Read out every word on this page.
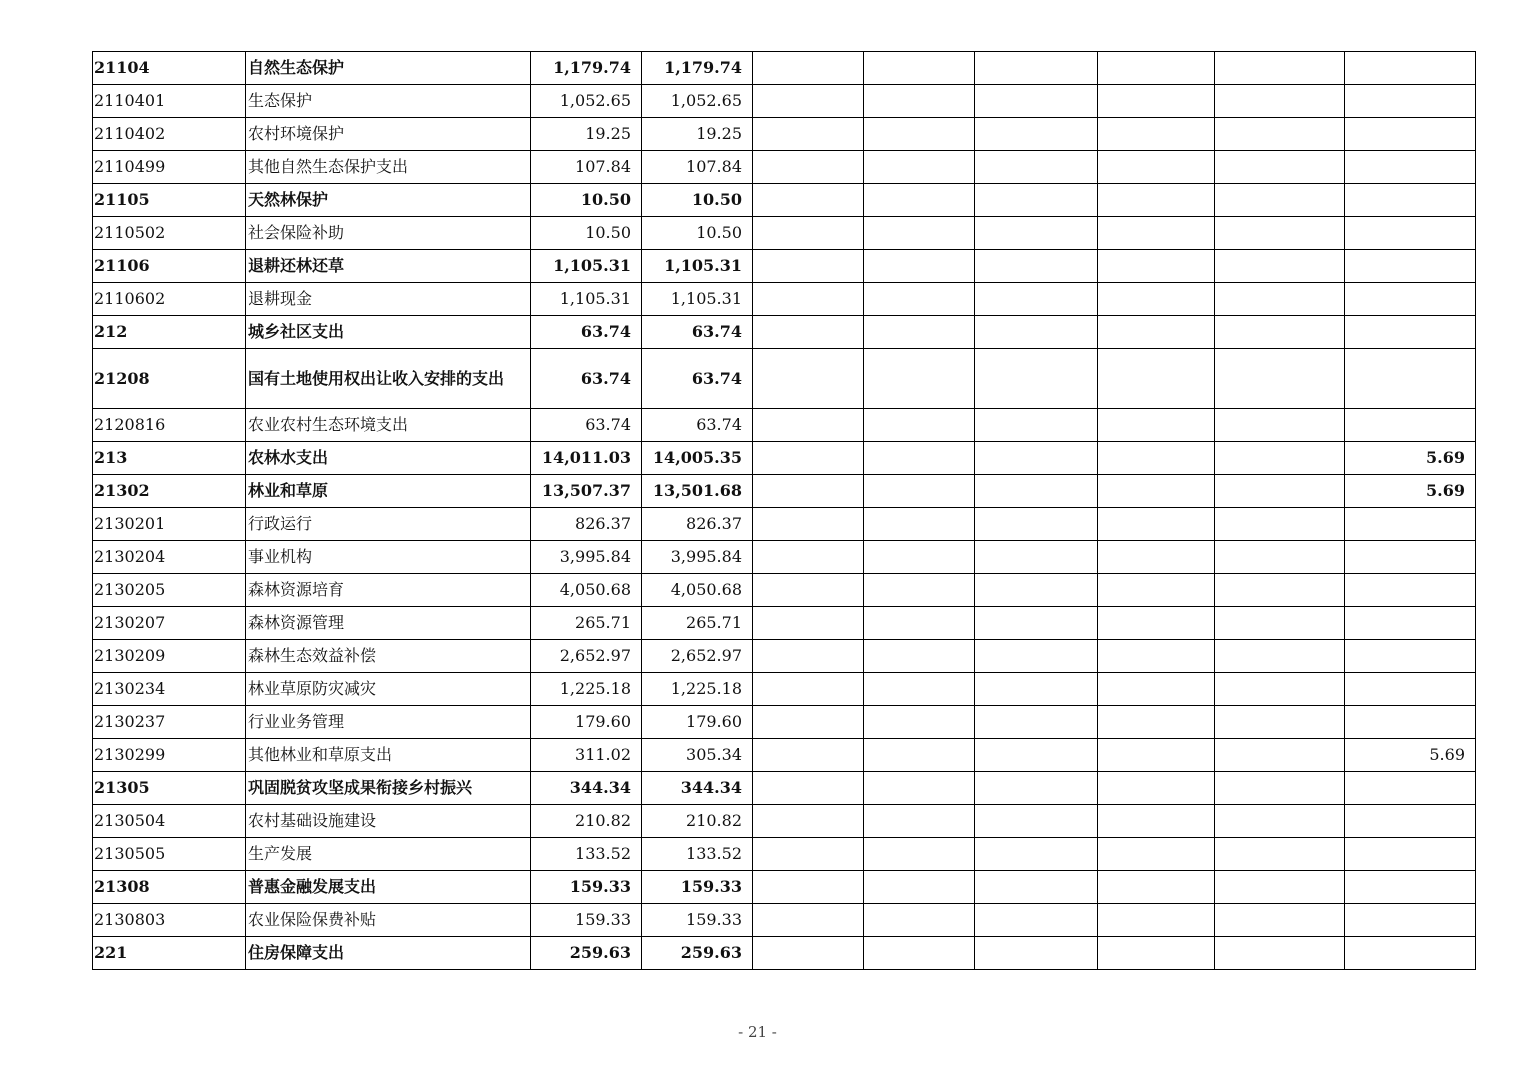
21104	自然生态保护	1,179.74	1,179.74						
2110401	生态保护	1,052.65	1,052.65						
2110402	农村环境保护	19.25	19.25						
2110499	其他自然生态保护支出	107.84	107.84						
21105	天然林保护	10.50	10.50						
2110502	社会保险补助	10.50	10.50						
21106	退耕还林还草	1,105.31	1,105.31						
2110602	退耕现金	1,105.31	1,105.31						
212	城乡社区支出	63.74	63.74						
21208	国有土地使用权出让收入安排的支出	63.74	63.74						
2120816	农业农村生态环境支出	63.74	63.74						
213	农林水支出	14,011.03	14,005.35						5.69
21302	林业和草原	13,507.37	13,501.68						5.69
2130201	行政运行	826.37	826.37						
2130204	事业机构	3,995.84	3,995.84						
2130205	森林资源培育	4,050.68	4,050.68						
2130207	森林资源管理	265.71	265.71						
2130209	森林生态效益补偿	2,652.97	2,652.97						
2130234	林业草原防灾减灾	1,225.18	1,225.18						
2130237	行业业务管理	179.60	179.60						
2130299	其他林业和草原支出	311.02	305.34						5.69
21305	巩固脱贫攻坚成果衔接乡村振兴	344.34	344.34						
2130504	农村基础设施建设	210.82	210.82						
2130505	生产发展	133.52	133.52						
21308	普惠金融发展支出	159.33	159.33						
2130803	农业保险保费补贴	159.33	159.33						
221	住房保障支出	259.63	259.63						
- 21 -
